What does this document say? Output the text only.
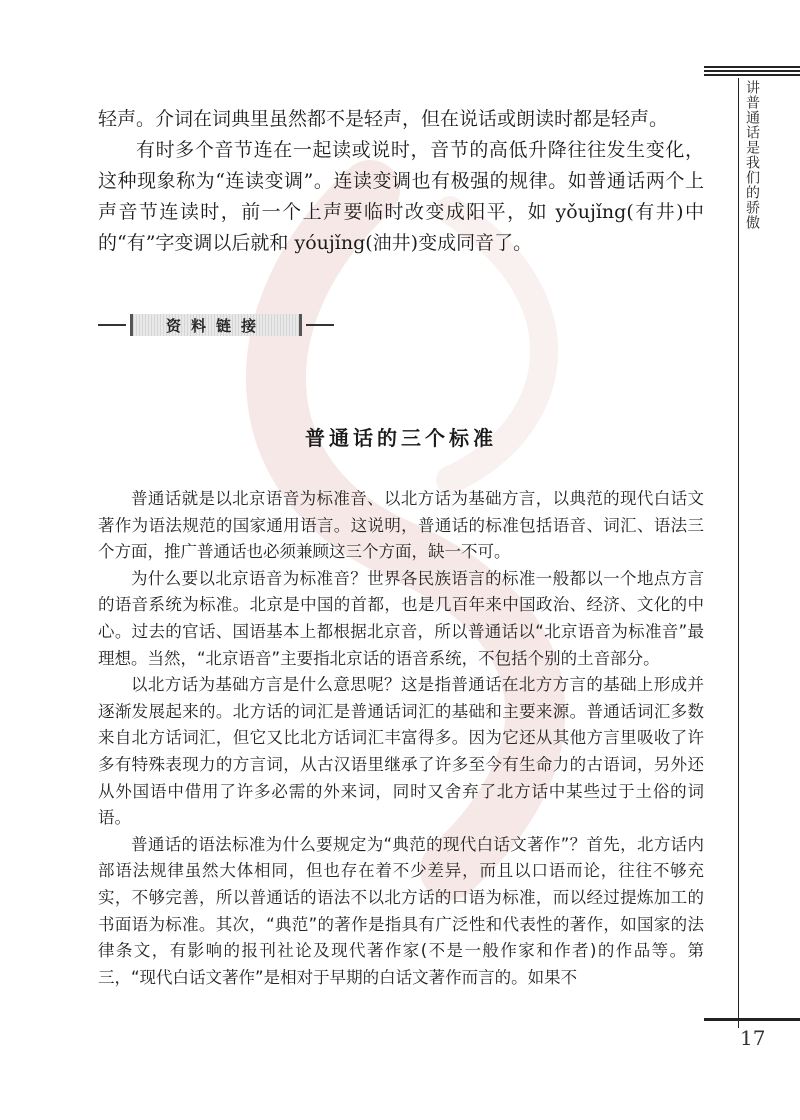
讲普通话是我们的骄傲

轻声。介词在词典里虽然都不是轻声，但在说话或朗读时都是轻声。

有时多个音节连在一起读或说时，音节的高低升降往往发生变化，这种现象称为“连读变调”。连读变调也有极强的规律。如普通话两个上声音节连读时，前一个上声要临时改变成阳平，如 yǒujǐng(有井)中的“有”字变调以后就和 yóujǐng(油井)变成同音了。

资料链接
普通话的三个标准

普通话就是以北京语音为标准音、以北方话为基础方言，以典范的现代白话文著作为语法规范的国家通用语言。这说明，普通话的标准包括语音、词汇、语法三个方面，推广普通话也必须兼顾这三个方面，缺一不可。

为什么要以北京语音为标准音？世界各民族语言的标准一般都以一个地点方言的语音系统为标准。北京是中国的首都，也是几百年来中国政治、经济、文化的中心。过去的官话、国语基本上都根据北京音，所以普通话以“北京语音为标准音”最理想。当然，“北京语音”主要指北京话的语音系统，不包括个别的土音部分。

以北方话为基础方言是什么意思呢？这是指普通话在北方方言的基础上形成并逐渐发展起来的。北方话的词汇是普通话词汇的基础和主要来源。普通话词汇多数来自北方话词汇，但它又比北方话词汇丰富得多。因为它还从其他方言里吸收了许多有特殊表现力的方言词，从古汉语里继承了许多至今有生命力的古语词，另外还从外国语中借用了许多必需的外来词，同时又舍弃了北方话中某些过于土俗的词语。

普通话的语法标准为什么要规定为“典范的现代白话文著作”？首先，北方话内部语法规律虽然大体相同，但也存在着不少差异，而且以口语而论，往往不够充实，不够完善，所以普通话的语法不以北方话的口语为标准，而以经过提炼加工的书面语为标准。其次，“典范”的著作是指具有广泛性和代表性的著作，如国家的法律条文，有影响的报刊社论及现代著作家(不是一般作家和作者)的作品等。第三，“现代白话文著作”是相对于早期的白话文著作而言的。如果不

17
